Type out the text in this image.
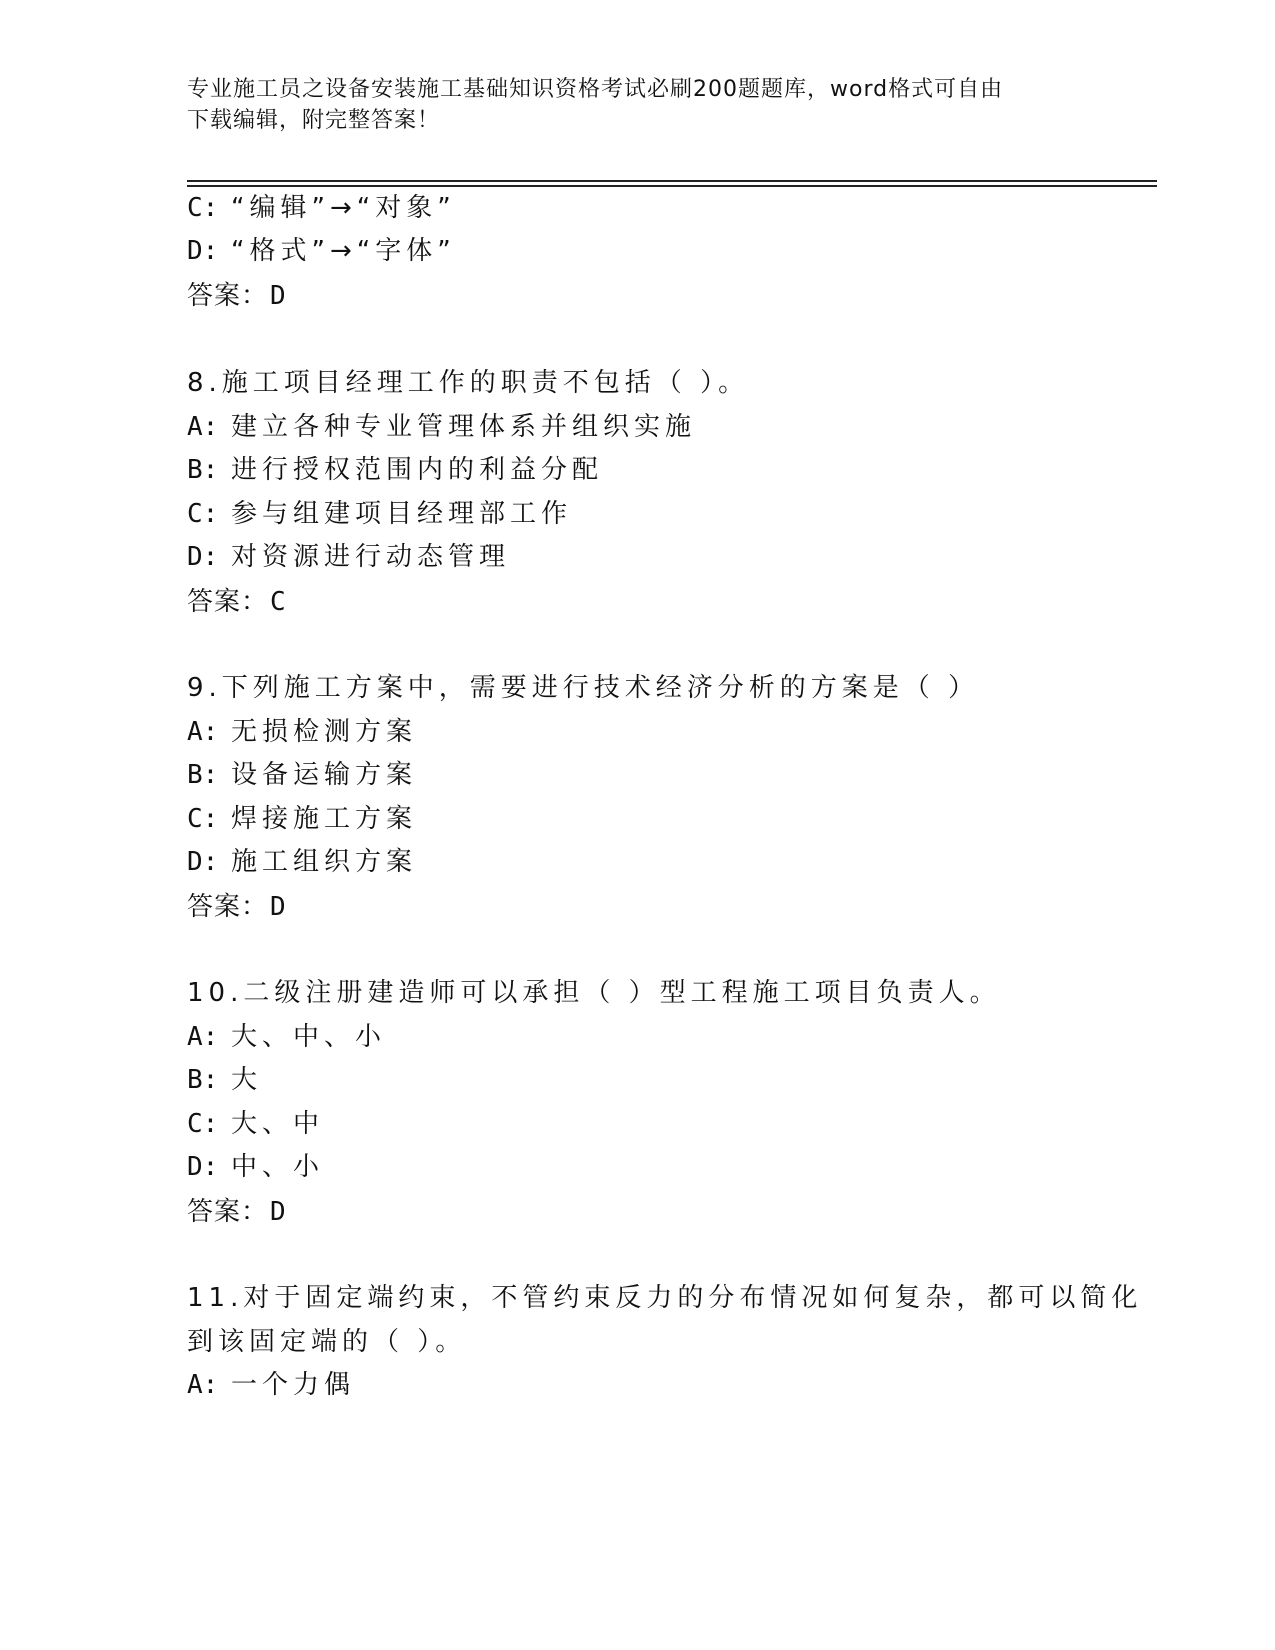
专业施工员之设备安装施工基础知识资格考试必刷200题题库，word格式可自由
下载编辑，附完整答案！
C: “编辑”→“对象”
D: “格式”→“字体”
答案：D
8.施工项目经理工作的职责不包括（ ）。
A: 建立各种专业管理体系并组织实施
B: 进行授权范围内的利益分配
C: 参与组建项目经理部工作
D: 对资源进行动态管理
答案：C
9.下列施工方案中，需要进行技术经济分析的方案是（ ）
A: 无损检测方案
B: 设备运输方案
C: 焊接施工方案
D: 施工组织方案
答案：D
10.二级注册建造师可以承担（ ）型工程施工项目负责人。
A: 大、中、小
B: 大
C: 大、中
D: 中、小
答案：D
11.对于固定端约束，不管约束反力的分布情况如何复杂，都可以简化
到该固定端的（ ）。
A: 一个力偶
